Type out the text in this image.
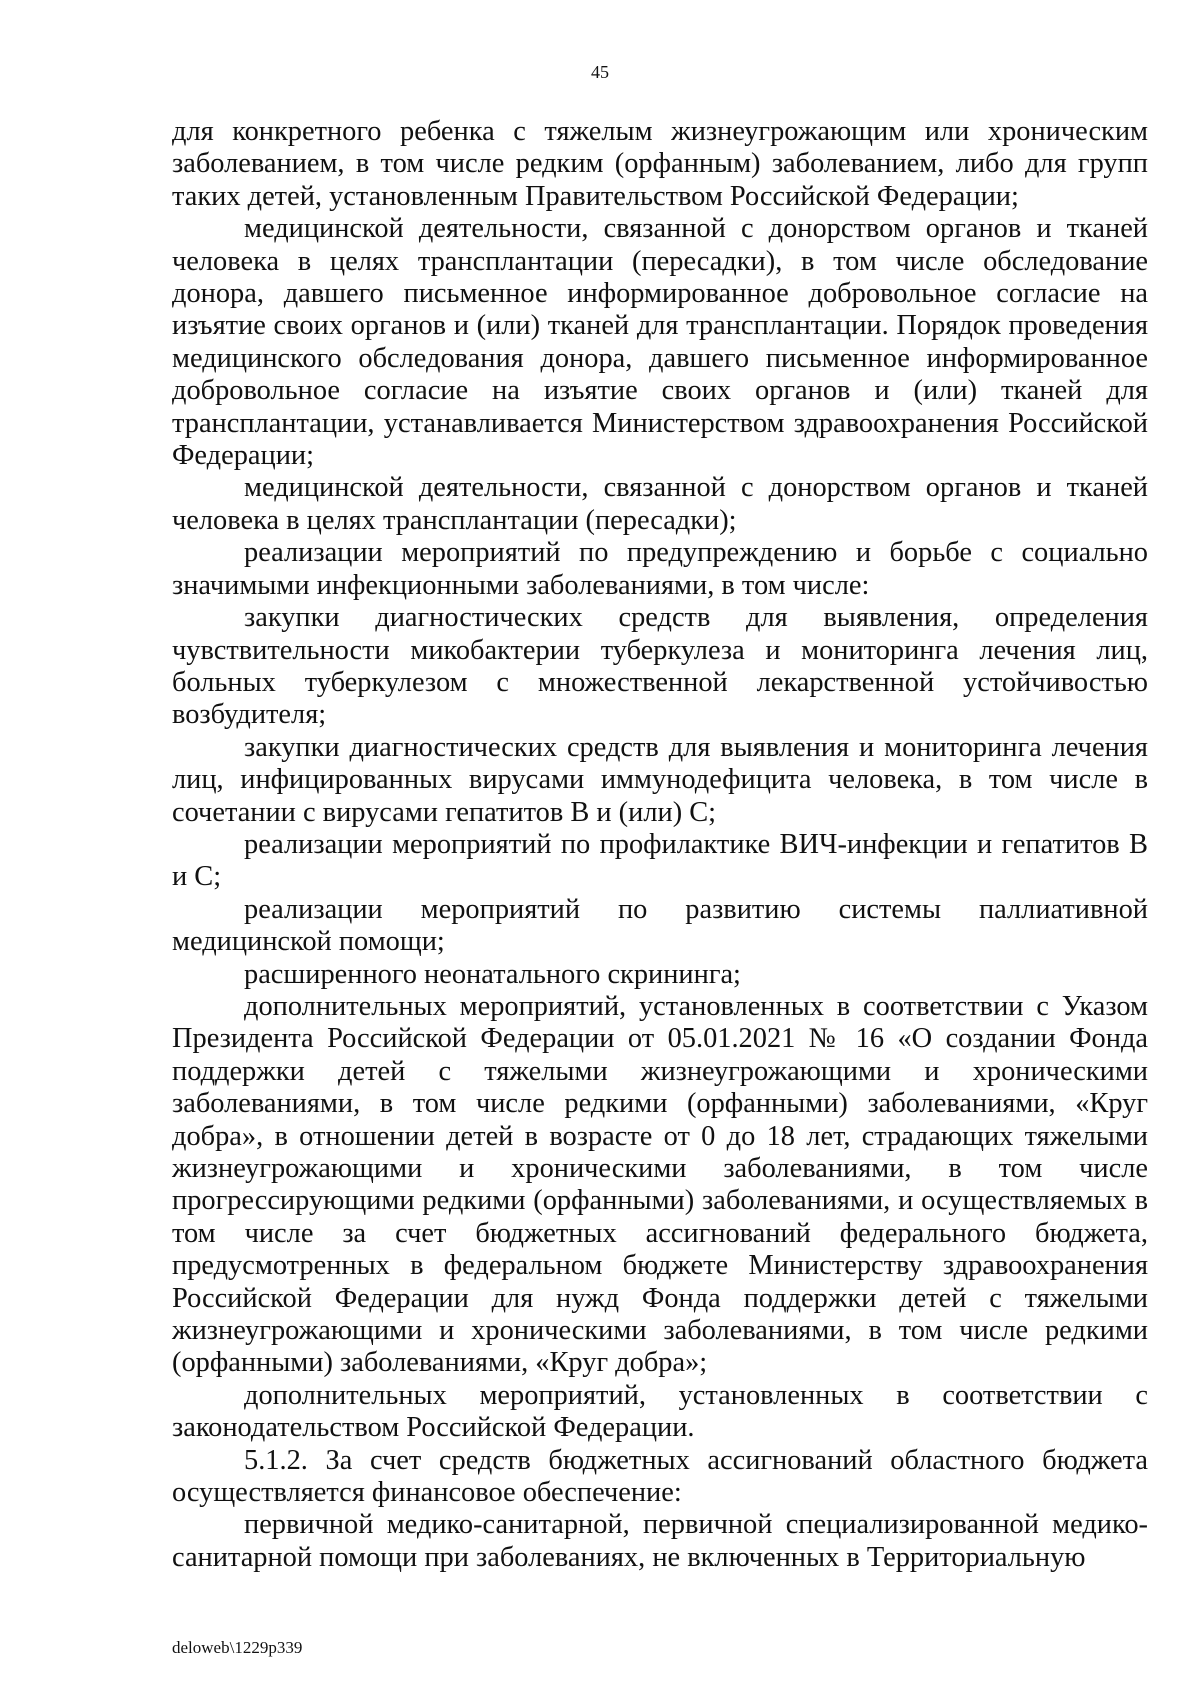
45

для конкретного ребенка с тяжелым жизнеугрожающим или хроническим заболеванием, в том числе редким (орфанным) заболеванием, либо для групп таких детей, установленным Правительством Российской Федерации;

медицинской деятельности, связанной с донорством органов и тканей человека в целях трансплантации (пересадки), в том числе обследование донора, давшего письменное информированное добровольное согласие на изъятие своих органов и (или) тканей для трансплантации. Порядок проведения медицинского обследования донора, давшего письменное информированное добровольное согласие на изъятие своих органов и (или) тканей для трансплантации, устанавливается Министерством здравоохранения Российской Федерации;

медицинской деятельности, связанной с донорством органов и тканей человека в целях трансплантации (пересадки);

реализации мероприятий по предупреждению и борьбе с социально значимыми инфекционными заболеваниями, в том числе:

закупки диагностических средств для выявления, определения чувствительности микобактерии туберкулеза и мониторинга лечения лиц, больных туберкулезом с множественной лекарственной устойчивостью возбудителя;

закупки диагностических средств для выявления и мониторинга лечения лиц, инфицированных вирусами иммунодефицита человека, в том числе в сочетании с вирусами гепатитов B и (или) C;

реализации мероприятий по профилактике ВИЧ-инфекции и гепатитов B и C;

реализации мероприятий по развитию системы паллиативной медицинской помощи;

расширенного неонатального скрининга;

дополнительных мероприятий, установленных в соответствии с Указом Президента Российской Федерации от 05.01.2021 № 16 «О создании Фонда поддержки детей с тяжелыми жизнеугрожающими и хроническими заболеваниями, в том числе редкими (орфанными) заболеваниями, «Круг добра», в отношении детей в возрасте от 0 до 18 лет, страдающих тяжелыми жизнеугрожающими и хроническими заболеваниями, в том числе прогрессирующими редкими (орфанными) заболеваниями, и осуществляемых в том числе за счет бюджетных ассигнований федерального бюджета, предусмотренных в федеральном бюджете Министерству здравоохранения Российской Федерации для нужд Фонда поддержки детей с тяжелыми жизнеугрожающими и хроническими заболеваниями, в том числе редкими (орфанными) заболеваниями, «Круг добра»;

дополнительных мероприятий, установленных в соответствии с законодательством Российской Федерации.

5.1.2. За счет средств бюджетных ассигнований областного бюджета осуществляется финансовое обеспечение:

первичной медико-санитарной, первичной специализированной медико-санитарной помощи при заболеваниях, не включенных в Территориальную

deloweb\1229p339
